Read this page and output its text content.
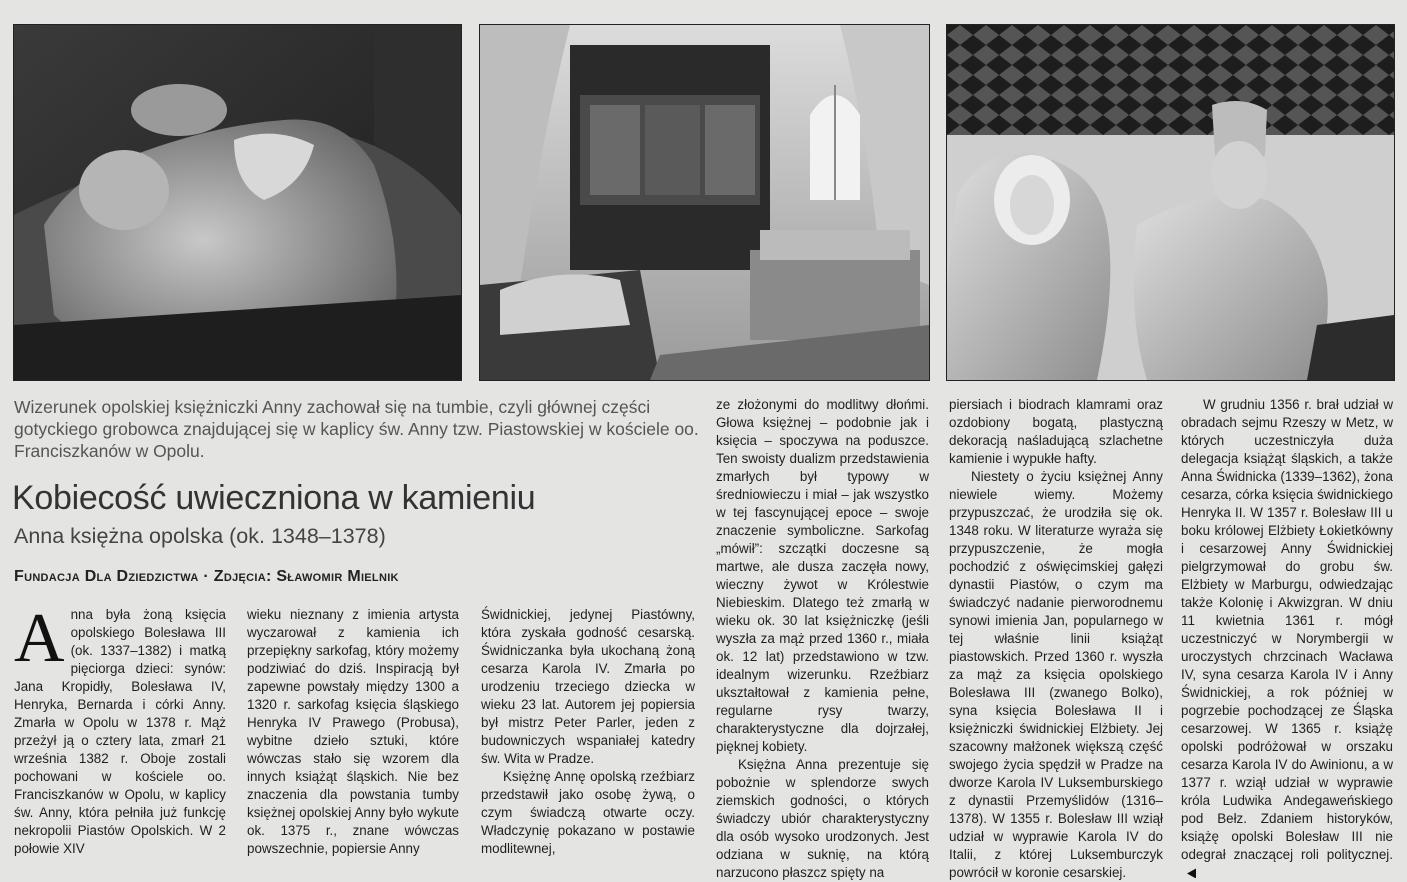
Wizerunek opolskiej księżniczki Anny zachował się na tumbie, czyli głównej części gotyckiego grobowca znajdującej się w kaplicy św. Anny tzw. Piastowskiej w kościele oo. Franciszkanów w Opolu.
Kobiecość uwieczniona w kamieniu
Anna księżna opolska (ok. 1348–1378)
Fundacja Dla Dziedzictwa · Zdjęcia: Sławomir Mielnik

Anna była żoną księcia opolskiego Bolesława III (ok. 1337–1382) i matką pięciorga dzieci: synów: Jana Kropidły, Bolesława IV, Henryka, Bernarda i córki Anny. Zmarła w Opolu w 1378 r. Mąż przeżył ją o cztery lata, zmarł 21 września 1382 r. Oboje zostali pochowani w kościele oo. Franciszkanów w Opolu, w kaplicy św. Anny, która pełniła już funkcję nekropolii Piastów Opolskich. W 2 połowie XIV

wieku nieznany z imienia artysta wyczarował z kamienia ich przepiękny sarkofag, który możemy podziwiać do dziś. Inspiracją był zapewne powstały między 1300 a 1320 r. sarkofag księcia śląskiego Henryka IV Prawego (Probusa), wybitne dzieło sztuki, które wówczas stało się wzorem dla innych książąt śląskich. Nie bez znaczenia dla powstania tumby księżnej opolskiej Anny było wykute ok. 1375 r., znane wówczas powszechnie, popiersie Anny

Świdnickiej, jedynej Piastówny, która zyskała godność cesarską. Świdniczanka była ukochaną żoną cesarza Karola IV. Zmarła po urodzeniu trzeciego dziecka w wieku 23 lat. Autorem jej popiersia był mistrz Peter Parler, jeden z budowniczych wspaniałej katedry św. Wita w Pradze.

Księżnę Annę opolską rzeźbiarz przedstawił jako osobę żywą, o czym świadczą otwarte oczy. Władczynię pokazano w postawie modlitewnej,

ze złożonymi do modlitwy dłońmi. Głowa księżnej – podobnie jak i księcia – spoczywa na poduszce. Ten swoisty dualizm przedstawienia zmarłych był typowy w średniowieczu i miał – jak wszystko w tej fascynującej epoce – swoje znaczenie symboliczne. Sarkofag „mówił”: szczątki doczesne są martwe, ale dusza zaczęła nowy, wieczny żywot w Królestwie Niebieskim. Dlatego też zmarłą w wieku ok. 30 lat księżniczkę (jeśli wyszła za mąż przed 1360 r., miała ok. 12 lat) przedstawiono w tzw. idealnym wizerunku. Rzeźbiarz ukształtował z kamienia pełne, regularne rysy twarzy, charakterystyczne dla dojrzałej, pięknej kobiety.

Księżna Anna prezentuje się pobożnie w splendorze swych ziemskich godności, o których świadczy ubiór charakterystyczny dla osób wysoko urodzonych. Jest odziana w suknię, na którą narzucono płaszcz spięty na

piersiach i biodrach klamrami oraz ozdobiony bogatą, plastyczną dekoracją naśladującą szlachetne kamienie i wypukłe hafty.

Niestety o życiu księżnej Anny niewiele wiemy. Możemy przypuszczać, że urodziła się ok. 1348 roku. W literaturze wyraża się przypuszczenie, że mogła pochodzić z oświęcimskiej gałęzi dynastii Piastów, o czym ma świadczyć nadanie pierworodnemu synowi imienia Jan, popularnego w tej właśnie linii książąt piastowskich. Przed 1360 r. wyszła za mąż za księcia opolskiego Bolesława III (zwanego Bolko), syna księcia Bolesława II i księżniczki świdnickiej Elżbiety. Jej szacowny małżonek większą część swojego życia spędził w Pradze na dworze Karola IV Luksemburskiego z dynastii Przemyślidów (1316–1378). W 1355 r. Bolesław III wziął udział w wyprawie Karola IV do Italii, z której Luksemburczyk powrócił w koronie cesarskiej.

W grudniu 1356 r. brał udział w obradach sejmu Rzeszy w Metz, w których uczestniczyła duża delegacja książąt śląskich, a także Anna Świdnicka (1339–1362), żona cesarza, córka księcia świdnickiego Henryka II. W 1357 r. Bolesław III u boku królowej Elżbiety Łokietkówny i cesarzowej Anny Świdnickiej pielgrzymował do grobu św. Elżbiety w Marburgu, odwiedzając także Kolonię i Akwizgran. W dniu 11 kwietnia 1361 r. mógł uczestniczyć w Norymbergii w uroczystych chrzcinach Wacława IV, syna cesarza Karola IV i Anny Świdnickiej, a rok później w pogrzebie pochodzącej ze Śląska cesarzowej. W 1365 r. książę opolski podróżował w orszaku cesarza Karola IV do Awinionu, a w 1377 r. wziął udział w wyprawie króla Ludwika Andegaweńskiego pod Bełz. Zdaniem historyków, książę opolski Bolesław III nie odegrał znaczącej roli politycznej.
